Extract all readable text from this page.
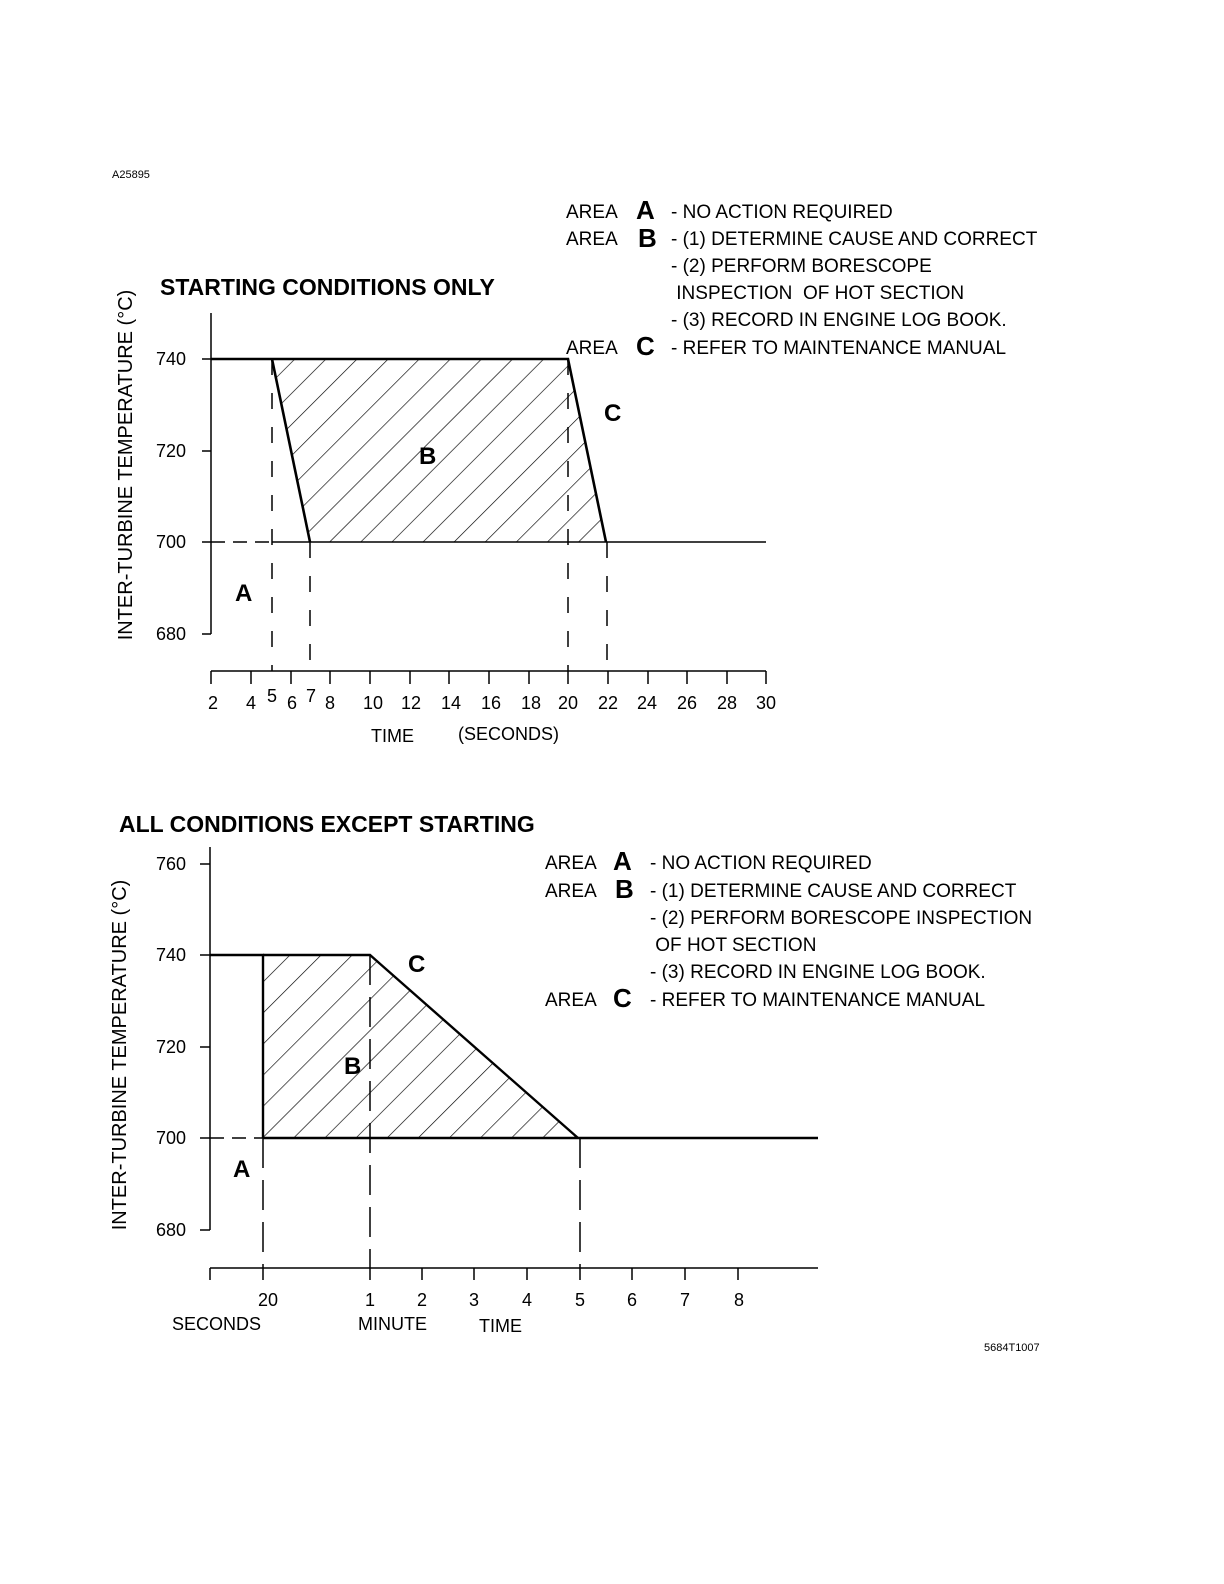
A25895
STARTING CONDITIONS ONLY
INTER-TURBINE TEMPERATURE (°C) 740
720
700
680
2 4 5 6 7 8 10 12 14 16 18 20 22 24 26 28 30
TIME (SECONDS)
A
B
C
AREA A - NO ACTION REQUIRED
AREA B - (1) DETERMINE CAUSE AND CORRECT
- (2) PERFORM BORESCOPE
INSPECTION  OF HOT SECTION
- (3) RECORD IN ENGINE LOG BOOK.
AREA C - REFER TO MAINTENANCE MANUAL
ALL CONDITIONS EXCEPT STARTING
INTER-TURBINE TEMPERATURE (°C)
760
740
720
700
680
20	1 2 3 4 5 6 7 8
SECONDS	MINUTE	TIME
A
B
C
AREA A - NO ACTION REQUIRED
AREA B - (1) DETERMINE CAUSE AND CORRECT
- (2) PERFORM BORESCOPE INSPECTION
OF HOT SECTION
- (3) RECORD IN ENGINE LOG BOOK.
AREA C - REFER TO MAINTENANCE MANUAL
5684T1007
